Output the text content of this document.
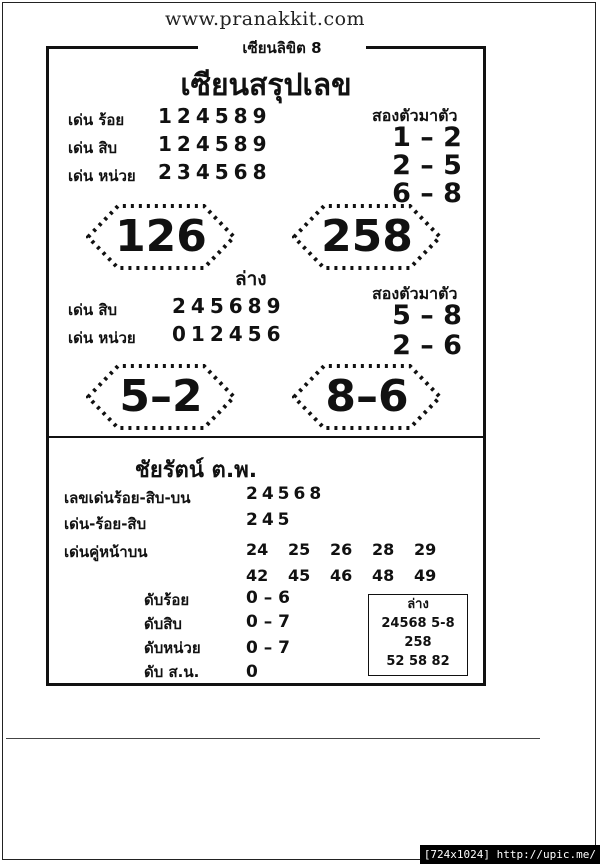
www.pranakkit.com
เซียนลิขิต 8
เซียนสรุปเลข
เด่น ร้อย 124589
เด่น สิบ 124589
เด่น หน่วย 234568
สองตัวมาตัว
1 – 2
2 – 5
6 – 8
126	258
ล่าง
เด่น สิบ	245689
เด่น หน่วย 012456
สองตัวมาตัว
5 – 8
2 – 6
5–2	8–6
ชัยรัตน์ ต.พ.
เลขเด่นร้อย-สิบ-บน	24568
เด่น-ร้อย-สิบ	245
เด่นคู่หน้าบน	24 25 26 28 29
42 45 46 48 49
ดับร้อย	0 – 6
ดับสิบ	0 – 7
ดับหน่วย	0 – 7
ดับ ส.น.	0
ล่าง
24568 5-8
258
52 58 82
[724x1024] http://upic.me/
